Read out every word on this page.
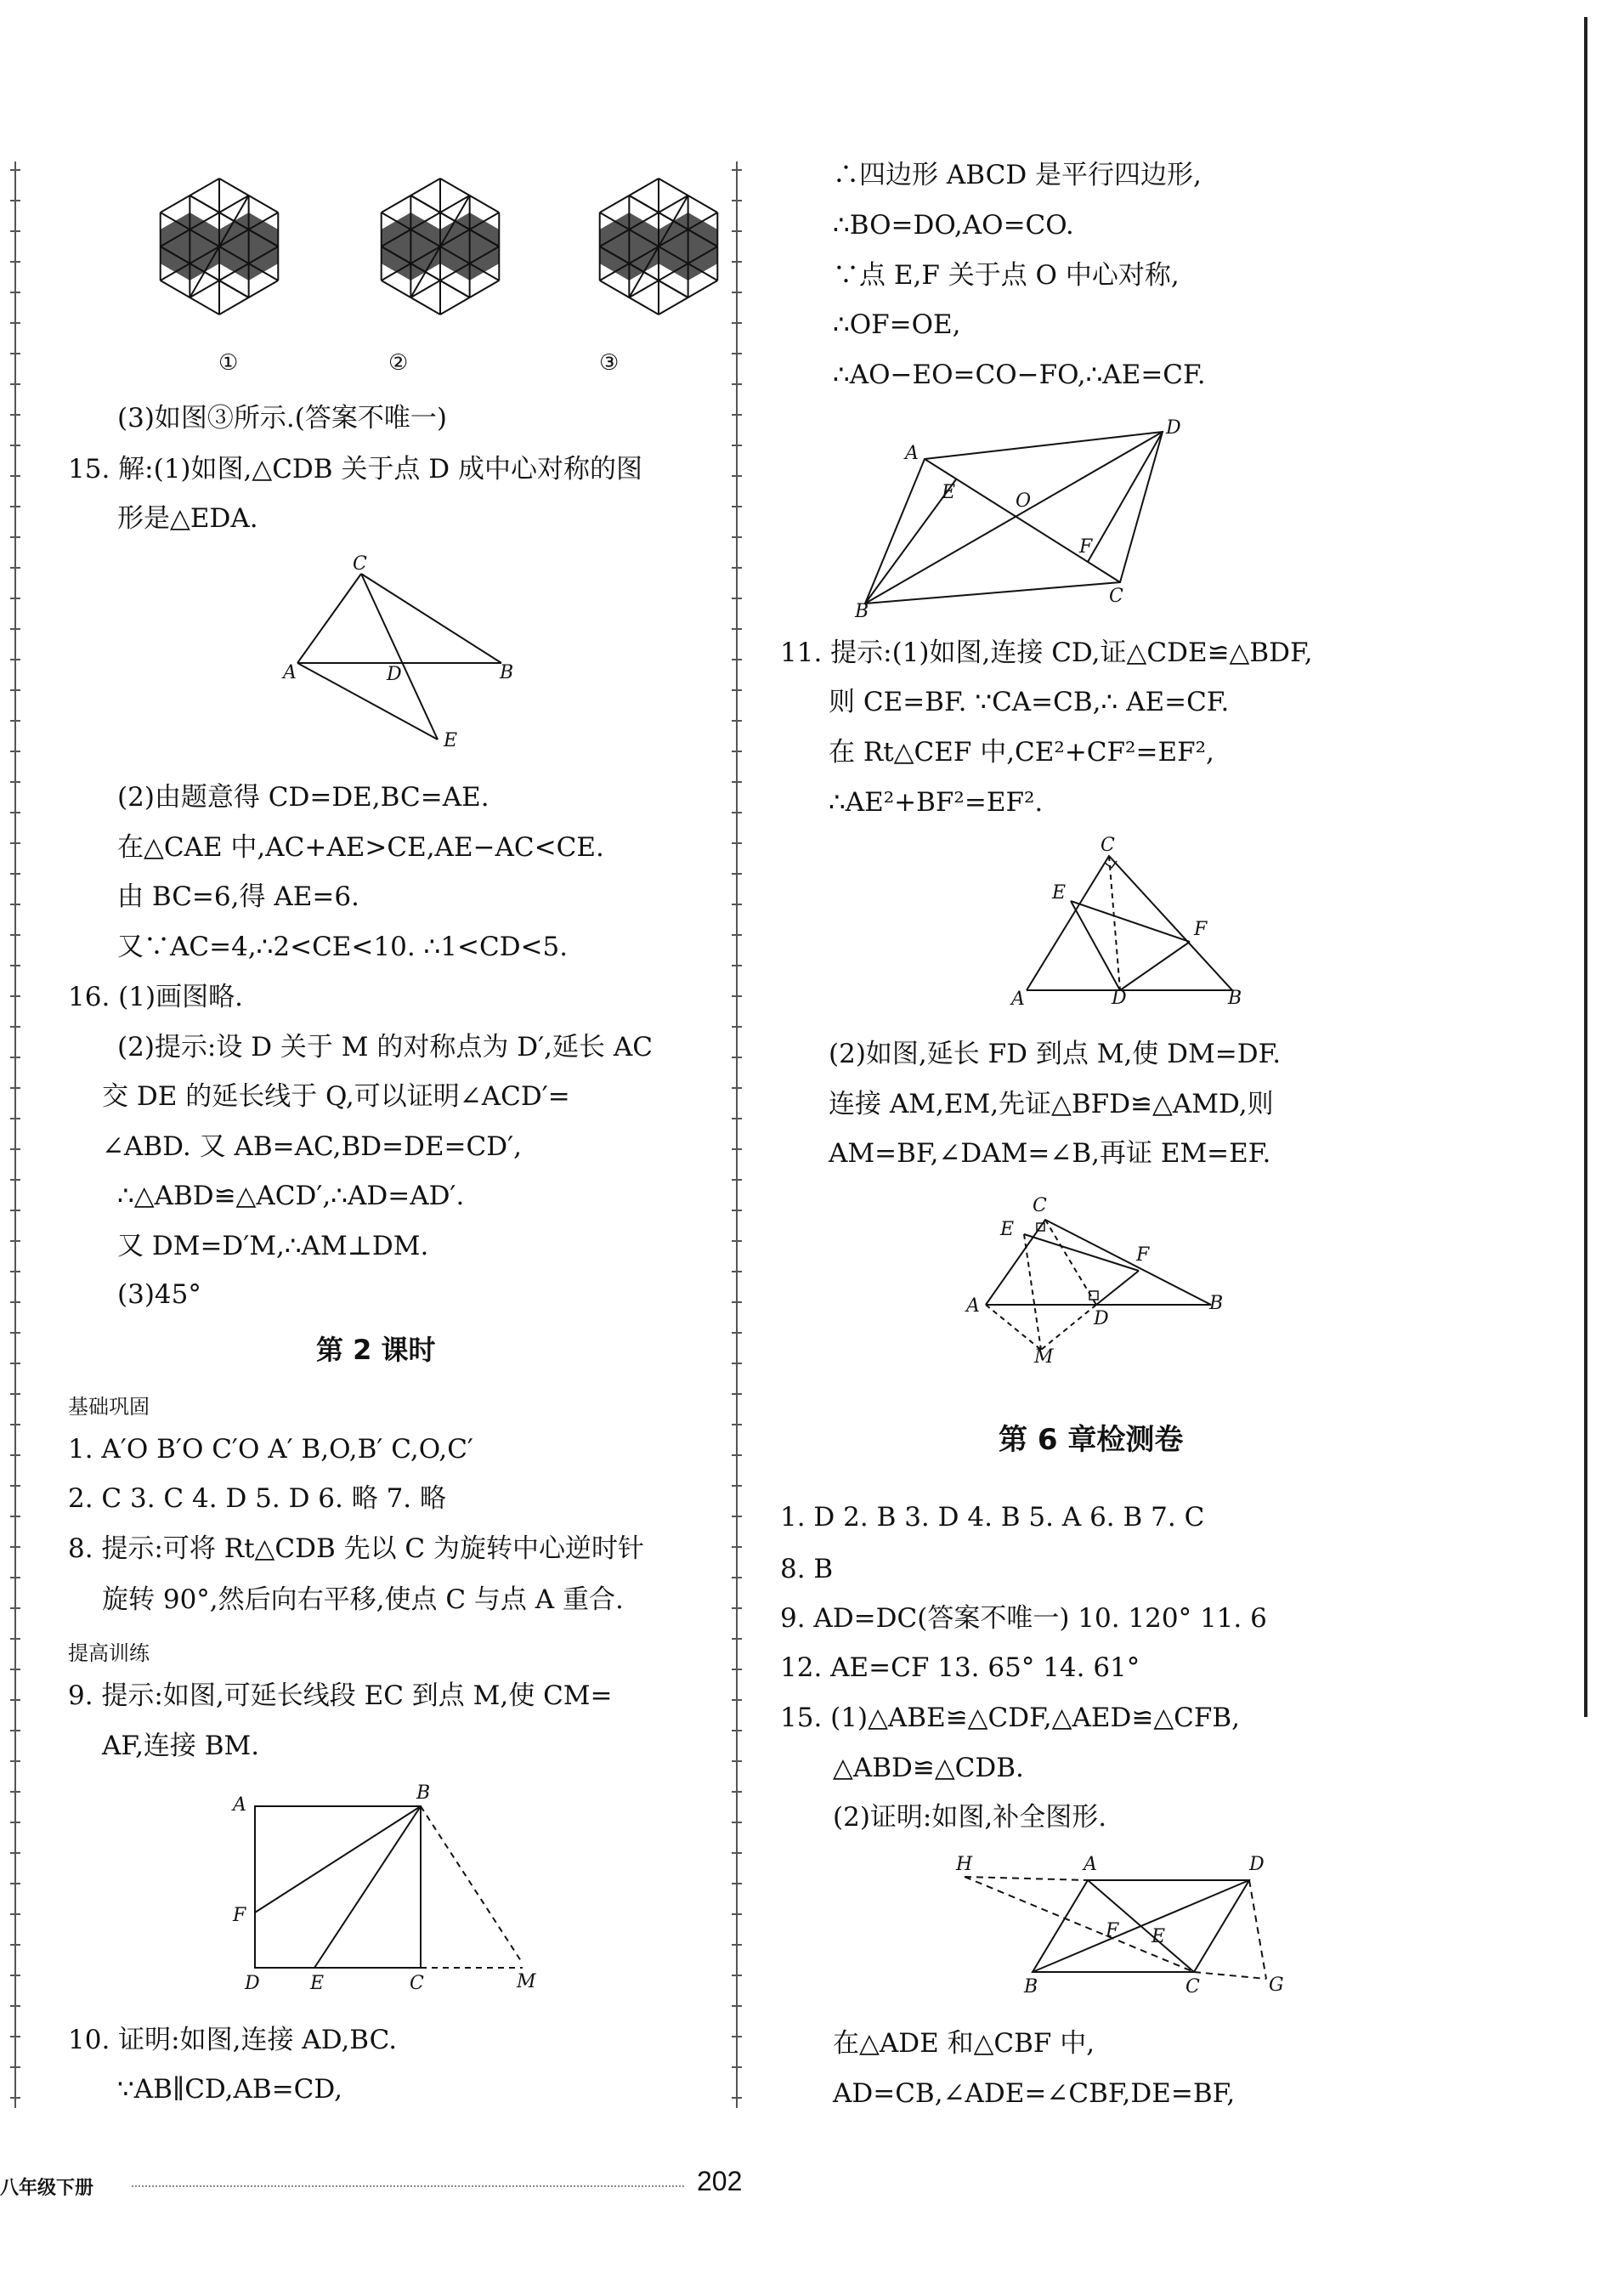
①	②	③
(3)如图③所示.(答案不唯一)
15. 解:(1)如图,△CDB 关于点 D 成中心对称的图
形是△EDA.
C
A	D	B
E
(2)由题意得 CD=DE,BC=AE.
在△CAE 中,AC+AE>CE,AE−AC<CE.
由 BC=6,得 AE=6.
又∵AC=4,∴2<CE<10. ∴1<CD<5.
16. (1)画图略.
(2)提示:设 D 关于 M 的对称点为 D′,延长 AC
交 DE 的延长线于 Q,可以证明∠ACD′=
∠ABD. 又 AB=AC,BD=DE=CD′,
∴△ABD≌△ACD′,∴AD=AD′.
又 DM=D′M,∴AM⊥DM.
(3)45°
第 2 课时
基础巩固
1. A′O B′O C′O A′ B,O,B′ C,O,C′
2. C 3. C 4. D 5. D 6. 略 7. 略
8. 提示:可将 Rt△CDB 先以 C 为旋转中心逆时针
旋转 90°,然后向右平移,使点 C 与点 A 重合.
提高训练
9. 提示:如图,可延长线段 EC 到点 M,使 CM=
AF,连接 BM.
A
B
F
D	E	C	M
10. 证明:如图,连接 AD,BC.
∵AB∥CD,AB=CD,
∴四边形 ABCD 是平行四边形,
∴BO=DO,AO=CO.
∵点 E,F 关于点 O 中心对称,
∴OF=OE,
∴AO−EO=CO−FO,∴AE=CF.
A
D
E	O
F
B
C
11. 提示:(1)如图,连接 CD,证△CDE≌△BDF,
则 CE=BF. ∵CA=CB,∴ AE=CF.
在 Rt△CEF 中,CE²+CF²=EF²,
∴AE²+BF²=EF².
C
E
F
A	D	B
(2)如图,延长 FD 到点 M,使 DM=DF.
连接 AM,EM,先证△BFD≌△AMD,则
AM=BF,∠DAM=∠B,再证 EM=EF.
C
E
F
A
D
B
M
第 6 章检测卷
1. D 2. B 3. D 4. B 5. A 6. B 7. C
8. B
9. AD=DC(答案不唯一) 10. 120° 11. 6
12. AE=CF 13. 65° 14. 61°
15. (1)△ABE≌△CDF,△AED≌△CFB,
△ABD≌△CDB.
(2)证明:如图,补全图形.
H	A	D
F E
B	C	G
在△ADE 和△CBF 中,
AD=CB,∠ADE=∠CBF,DE=BF,
八年级下册	202
